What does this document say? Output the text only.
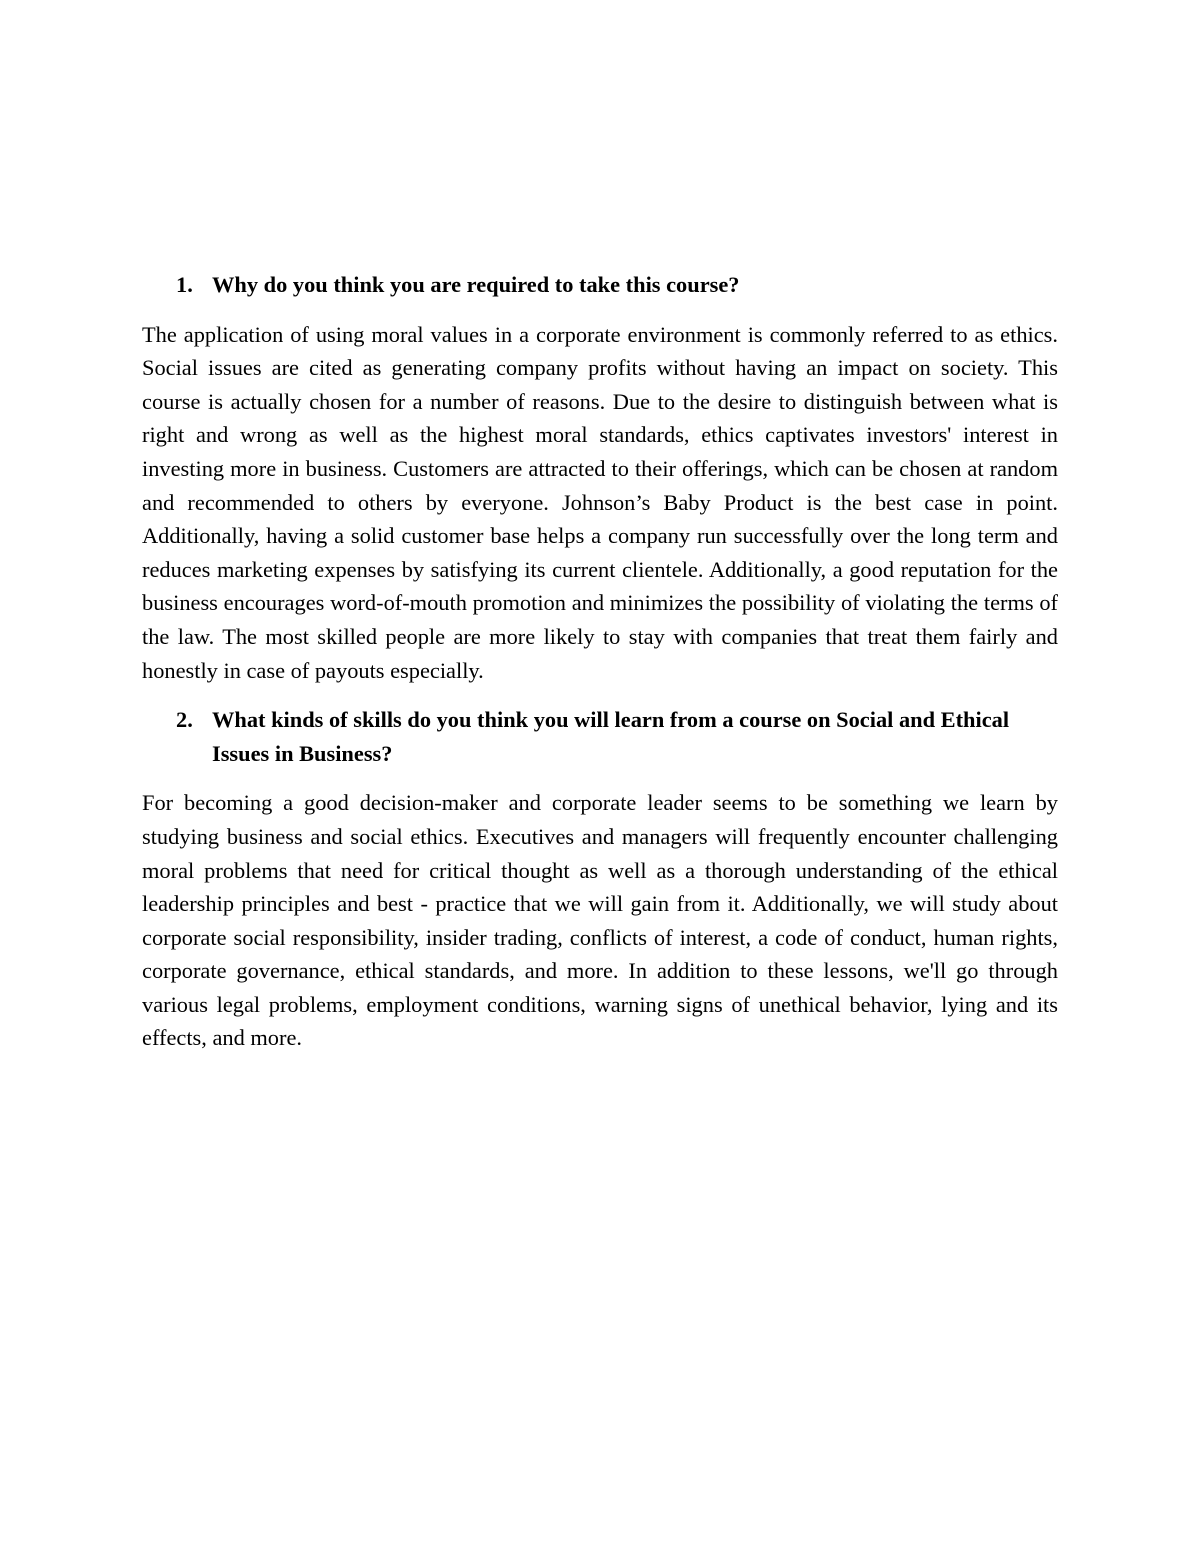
1. Why do you think you are required to take this course?

The application of using moral values in a corporate environment is commonly referred to as ethics. Social issues are cited as generating company profits without having an impact on society. This course is actually chosen for a number of reasons. Due to the desire to distinguish between what is right and wrong as well as the highest moral standards, ethics captivates investors' interest in investing more in business. Customers are attracted to their offerings, which can be chosen at random and recommended to others by everyone. Johnson’s Baby Product is the best case in point. Additionally, having a solid customer base helps a company run successfully over the long term and reduces marketing expenses by satisfying its current clientele. Additionally, a good reputation for the business encourages word-of-mouth promotion and minimizes the possibility of violating the terms of the law. The most skilled people are more likely to stay with companies that treat them fairly and honestly in case of payouts especially.

2. What kinds of skills do you think you will learn from a course on Social and Ethical Issues in Business?

For becoming a good decision-maker and corporate leader seems to be something we learn by studying business and social ethics. Executives and managers will frequently encounter challenging moral problems that need for critical thought as well as a thorough understanding of the ethical leadership principles and best - practice that we will gain from it. Additionally, we will study about corporate social responsibility, insider trading, conflicts of interest, a code of conduct, human rights, corporate governance, ethical standards, and more. In addition to these lessons, we'll go through various legal problems, employment conditions, warning signs of unethical behavior, lying and its effects, and more.
